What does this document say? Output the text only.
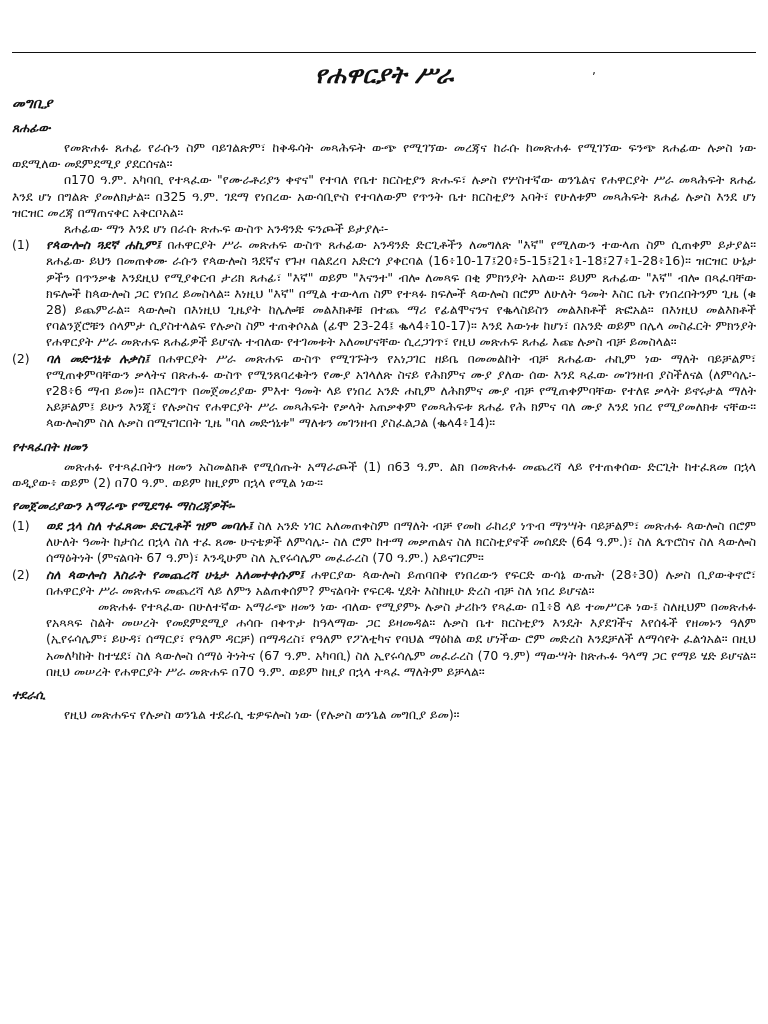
የሐዋርያት ሥራ	ʼ
መግቢያ
ጸሐፊው

የመጽሐፉ ጸሐፊ የራሱን ስም ባይገልጽም፣ ከቅዱሳት መጻሕፍት ውጭ የሚገኘው መረጃና ከራሱ ከመጽሐፉ የሚገኘው ፍንጭ ጸሐፊው ሉቃስ ነው ወደሚለው መደምደሚያ ያደርሰናል።

በ170 ዓ.ም. አካባቢ የተጻፈው "የሙራቶሪያን ቀኖና" የተባለ የቤተ ክርስቲያን ጽሑፍ፣ ሉቃስ የሦስተኛው ወንጌልና የሐዋርያት ሥራ መጻሕፍት ጸሐፊ እንደ ሆነ በግልጽ ያመለክታል። በ325 ዓ.ም. ገደማ የነበረው አውሳቢዮስ የተባለውም የጥንት ቤተ ክርስቲያን አባት፣ የሁለቱም መጻሕፍት ጸሐፊ ሉቃስ እንደ ሆነ ዝርዝር መረጃ በማጠናቀር አቅርቦአል።

ጸሐፊው ማን እንደ ሆነ በራሱ ጽሑፍ ውስጥ አንዳንድ ፍንጮች ይታያሉ፡-

(1)	የጳውሎስ ጓደኛ ሐኪም፤ በሐዋርያት ሥራ መጽሐፍ ውስጥ ጸሐፊው አንዳንድ ድርጊቶችን ለመግለጽ "እኛ" የሚለውን ተውላጠ ስም ሲጠቀም ይታያል። ጸሐፊው ይህን በመጠቀሙ ራሱን የጳውሎስ ጓደኛና የጉዞ ባልደረባ አድርጎ ያቀርባል (16፥10-17፤20፥5-15፤21፥1-18፤27፥1-28፥16)። ዝርዝር ሁኔታ ዎችን በጥንቃቄ እንደዚህ የሚያቀርብ ታሪክ ጸሐፊ፣ "እኛ" ወይም "እናንተ" ብሎ ለመጻፍ በቂ ምክንያት አለው። ይህም ጸሐፊው "እኛ" ብሎ በጻፈባቸው ክፍሎች ከጳውሎስ ጋር የነበረ ይመስላል። እነዚህ "እኛ" በሚል ተውላጠ ስም የተጻፉ ክፍሎች ጳውሎስ በሮም ለሁለት ዓመት እስር ቤት የነበረበትንም ጊዜ (ቁ 28) ይጨምራል። ጳውሎስ በእነዚህ ጊዜያት ከሌሎቹ መልእክቶቹ በተጨ ማሪ የፊልሞናንና የቈላስይስን መልእክቶች ጽፎአል። በእነዚህ መልእክቶች የባልንጀሮቹን ሰላምታ ሲያስተላልፍ የሉቃስ ስም ተጠቅሶአል (ፊሞ 23-24፤ ቈላ4፥10-17)። እንደ እውነቱ ከሆነ፣ በአንድ ወይም በሌላ መስፈርት ምክንያት የሐዋርያት ሥራ መጽሐፍ ጸሐፊዎች ይሆናሉ ተብለው የተገመቱት አለመሆናቸው ሲረጋገጥ፣ የዚህ መጽሐፍ ጸሐፊ እጩ ሉቃስ ብቻ ይመስላል።
(2)	ባለ መድኀኒቱ ሉቃስ፤ በሐዋርያት ሥራ መጽሐፍ ውስጥ የሚገኙትን የአነጋገር ዘይቤ በመመልከት ብቻ ጸሐፊው ሐኪም ነው ማለት ባይቻልም፣ የሚጠቀምባቸውን ቃላትና በጽሑፉ ውስጥ የሚንጸባረቁትን የሙያ አገላለጽ ስናይ የሕክምና ሙያ ያለው ሰው እንደ ጻፈው መገንዘብ ያስችለናል (ለምሳሌ፡- የ28፥6 ማብ ይመ)። በእርግጥ በመጀመሪያው ምእተ ዓመት ላይ የነበረ አንድ ሐኪም ለሕክምና ሙያ ብቻ የሚጠቀምባቸው የተለዩ ቃላት ይኖሩታል ማለት አይቻልም፤ ይሁን እንጂ፣ የሉቃስና የሐዋርያት ሥራ መጻሕፍት የቃላት አጠቃቀም የመጻሕፍቱ ጸሐፊ የሕ ክምና ባለ ሙያ እንደ ነበረ የሚያመለክቱ ናቸው። ጳውሎስም ስለ ሉቃስ በሚናገርበት ጊዜ "ባለ መድኀኒቱ" ማለቱን መገንዘብ ያስፈልጋል (ቈላ4፥14)።
የተጻፈበት ዘመን

መጽሐፉ የተጻፈበትን ዘመን አስመልክቶ የሚሰጡት አማራጮች (1) በ63 ዓ.ም. ልክ በመጽሐፉ መጨረሻ ላይ የተጠቀሰው ድርጊት ከተፈጸመ በኋላ ወዲያው፥ ወይም (2) በ70 ዓ.ም. ወይም ከዚያም በኋላ የሚል ነው።

የመጀመሪያውን አማራጭ የሚደግፉ ማስረጃዎች፡-
(1)	ወደ ኋላ ስለ ተፈጸሙ ድርጊቶች ዝም መባሉ፤ ስለ አንድ ነገር አለመጠቀስም በማለት ብቻ የመከ ራከሪያ ነጥብ ማንሣት ባይቻልም፣ መጽሐፉ ጳውሎስ በሮም ለሁለት ዓመት ከታሰረ በኋላ ስለ ተፈ ጸሙ ሁናቴዎች ለምሳሌ፡- ስለ ሮም ከተማ መቃጠልና ስለ ክርስቲያኖች መሰደድ (64 ዓ.ም.)፣ ስለ ጴጥሮስና ስለ ጳውሎስ ሰማዕትነት (ምናልባት 67 ዓ.ም)፣ እንዲሁም ስለ ኢየሩሳሌም መፈራረስ (70 ዓ.ም.) አይናገርም።
(2)	ስለ ጳውሎስ እስራት የመጨረሻ ሁኔታ አለመተቀሱም፤ ሐዋርያው ጳውሎስ ይጠባበቅ የነበረውን የፍርድ ውሳኔ ውጤት (28፥30) ሉቃስ ቢያውቅኖሮ፣ በሐዋርያት ሥራ መጽሐፍ መጨረሻ ላይ ለምን አልጠቀሰም? ምናልባት የፍርዱ ሂደት እስከዚሁ ድረስ ብቻ ስለ ነበረ ይሆናል።

መጽሐፉ የተጻፈው በሁለተኛው አማራጭ ዘመን ነው ብለው የሚያምኑ ሉቃስ ታሪኩን የጻፈው በ1፥8 ላይ ተመሥርቶ ነው፤ ስለዚህም በመጽሐፉ የአጻጻፍ ስልት መሠረት የመደምደሚያ ሐሳቡ በቀጥታ ከዓላማው ጋር ይዛመዳል። ሉቃስ ቤተ ክርስቲያን እንዴት እያደገችና እየሰፋች የዘመኑን ዓለም (ኢየሩሳሌም፣ ይሁዳ፣ ሰማርያ፣ የዓለም ዳርቻ) በማዳረስ፣ የዓለም የፖለቲካና የባህል ማዕከል ወደ ሆነችው ሮም መድረስ እንደቻለች ለማሳየት ፈልጎአል። በዚህ አመለካከት ከተሄደ፣ ስለ ጳውሎስ ሰማዕ ትነትና (67 ዓ.ም. አካባቢ) ስለ ኢየሩሳሌም መፈራረስ (70 ዓ.ም) ማውሣት ከጽሑፉ ዓላማ ጋር የማይ ሄድ ይሆናል። በዚህ መሠረት የሐዋርያት ሥራ መጽሐፍ በ70 ዓ.ም. ወይም ከዚያ በኋላ ተጻፈ ማለትም ይቻላል።

ተደራሲ

የዚህ መጽሐፍና የሉቃስ ወንጌል ተደራሲ ቴዎፍሎስ ነው (የሉቃስ ወንጌል መግቢያ ይመ)።
